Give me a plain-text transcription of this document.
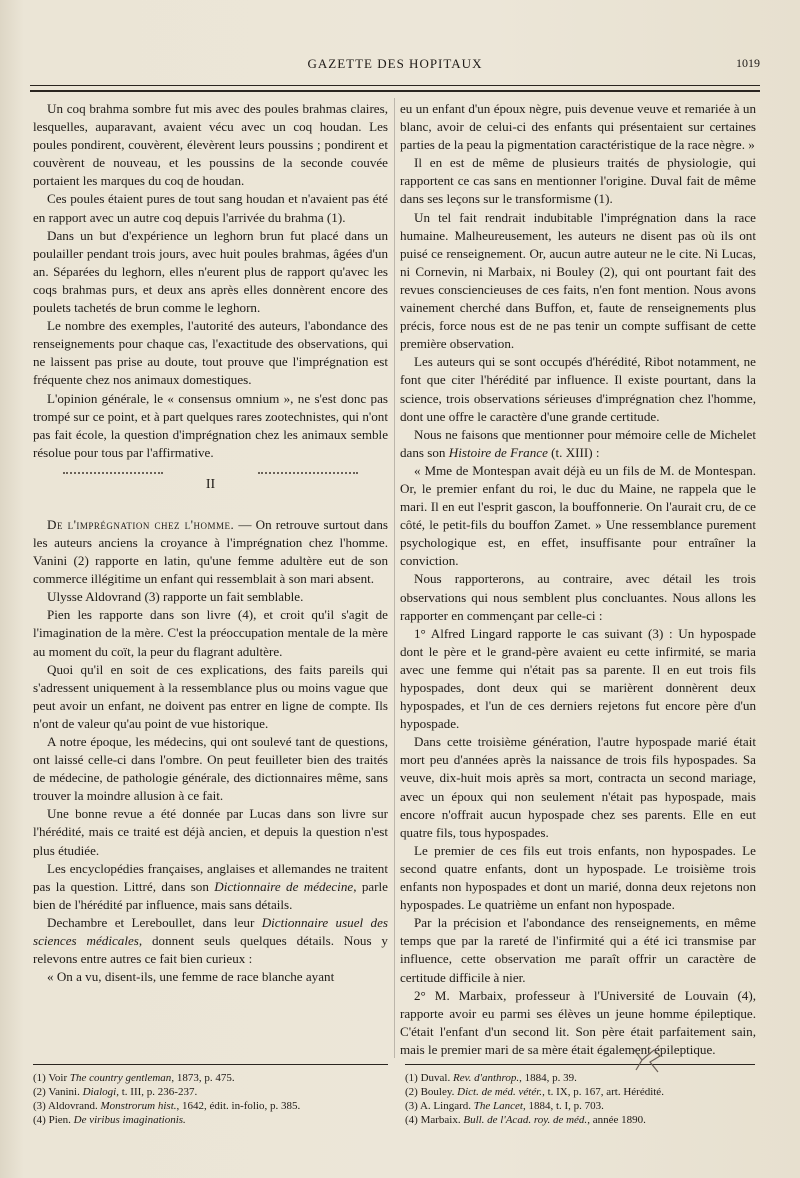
GAZETTE DES HOPITAUX	1019

Un coq brahma sombre fut mis avec des poules brahmas claires, lesquelles, auparavant, avaient vécu avec un coq houdan. Les poules pondirent, couvèrent, élevèrent leurs poussins ; pondirent et couvèrent de nouveau, et les poussins de la seconde couvée portaient les marques du coq de houdan.

Ces poules étaient pures de tout sang houdan et n'avaient pas été en rapport avec un autre coq depuis l'arrivée du brahma (1).

Dans un but d'expérience un leghorn brun fut placé dans un poulailler pendant trois jours, avec huit poules brahmas, âgées d'un an. Séparées du leghorn, elles n'eurent plus de rapport qu'avec les coqs brahmas purs, et deux ans après elles donnèrent encore des poulets tachetés de brun comme le leghorn.

Le nombre des exemples, l'autorité des auteurs, l'abondance des renseignements pour chaque cas, l'exactitude des observations, qui ne laissent pas prise au doute, tout prouve que l'imprégnation est fréquente chez nos animaux domestiques.

L'opinion générale, le « consensus omnium », ne s'est donc pas trompé sur ce point, et à part quelques rares zootechnistes, qui n'ont pas fait école, la question d'imprégnation chez les animaux semble résolue pour tous par l'affirmative.

II

De l'imprégnation chez l'homme. — On retrouve surtout dans les auteurs anciens la croyance à l'imprégnation chez l'homme. Vanini (2) rapporte en latin, qu'une femme adultère eut de son commerce illégitime un enfant qui ressemblait à son mari absent.

Ulysse Aldovrand (3) rapporte un fait semblable.

Pien les rapporte dans son livre (4), et croit qu'il s'agit de l'imagination de la mère. C'est la préoccupation mentale de la mère au moment du coït, la peur du flagrant adultère.

Quoi qu'il en soit de ces explications, des faits pareils qui s'adressent uniquement à la ressemblance plus ou moins vague que peut avoir un enfant, ne doivent pas entrer en ligne de compte. Ils n'ont de valeur qu'au point de vue historique.

A notre époque, les médecins, qui ont soulevé tant de questions, ont laissé celle-ci dans l'ombre. On peut feuilleter bien des traités de médecine, de pathologie générale, des dictionnaires même, sans trouver la moindre allusion à ce fait.

Une bonne revue a été donnée par Lucas dans son livre sur l'hérédité, mais ce traité est déjà ancien, et depuis la question n'est plus étudiée.

Les encyclopédies françaises, anglaises et allemandes ne traitent pas la question. Littré, dans son Dictionnaire de médecine, parle bien de l'hérédité par influence, mais sans détails.

Dechambre et Lereboullet, dans leur Dictionnaire usuel des sciences médicales, donnent seuls quelques détails. Nous y relevons entre autres ce fait bien curieux :

« On a vu, disent-ils, une femme de race blanche ayant

eu un enfant d'un époux nègre, puis devenue veuve et remariée à un blanc, avoir de celui-ci des enfants qui présentaient sur certaines parties de la peau la pigmentation caractéristique de la race nègre. »

Il en est de même de plusieurs traités de physiologie, qui rapportent ce cas sans en mentionner l'origine. Duval fait de même dans ses leçons sur le transformisme (1).

Un tel fait rendrait indubitable l'imprégnation dans la race humaine. Malheureusement, les auteurs ne disent pas où ils ont puisé ce renseignement. Or, aucun autre auteur ne le cite. Ni Lucas, ni Cornevin, ni Marbaix, ni Bouley (2), qui ont pourtant fait des revues consciencieuses de ces faits, n'en font mention. Nous avons vainement cherché dans Buffon, et, faute de renseignements plus précis, force nous est de ne pas tenir un compte suffisant de cette première observation.

Les auteurs qui se sont occupés d'hérédité, Ribot notamment, ne font que citer l'hérédité par influence. Il existe pourtant, dans la science, trois observations sérieuses d'imprégnation chez l'homme, dont une offre le caractère d'une grande certitude.

Nous ne faisons que mentionner pour mémoire celle de Michelet dans son Histoire de France (t. XIII) :

« Mme de Montespan avait déjà eu un fils de M. de Montespan. Or, le premier enfant du roi, le duc du Maine, ne rappela que le mari. Il en eut l'esprit gascon, la bouffonnerie. On l'aurait cru, de ce côté, le petit-fils du bouffon Zamet. » Une ressemblance purement psychologique est, en effet, insuffisante pour entraîner la conviction.

Nous rapporterons, au contraire, avec détail les trois observations qui nous semblent plus concluantes. Nous allons les rapporter en commençant par celle-ci :

1° Alfred Lingard rapporte le cas suivant (3) : Un hypospade dont le père et le grand-père avaient eu cette infirmité, se maria avec une femme qui n'était pas sa parente. Il en eut trois fils hypospades, dont deux qui se marièrent donnèrent deux hypospades, et l'un de ces derniers rejetons fut encore père d'un hypospade.

Dans cette troisième génération, l'autre hypospade marié était mort peu d'années après la naissance de trois fils hypospades. Sa veuve, dix-huit mois après sa mort, contracta un second mariage, avec un époux qui non seulement n'était pas hypospade, mais encore n'offrait aucun hypospade chez ses parents. Elle en eut quatre fils, tous hypospades.

Le premier de ces fils eut trois enfants, non hypospades. Le second quatre enfants, dont un hypospade. Le troisième trois enfants non hypospades et dont un marié, donna deux rejetons non hypospades. Le quatrième un enfant non hypospade.

Par la précision et l'abondance des renseignements, en même temps que par la rareté de l'infirmité qui a été ici transmise par influence, cette observation me paraît offrir un caractère de certitude difficile à nier.

2° M. Marbaix, professeur à l'Université de Louvain (4), rapporte avoir eu parmi ses élèves un jeune homme épileptique. C'était l'enfant d'un second lit. Son père était parfaitement sain, mais le premier mari de sa mère était également épileptique.

(1) Voir The country gentleman, 1873, p. 475.

(2) Vanini. Dialogi, t. III, p. 236-237.

(3) Aldovrand. Monstrorum hist., 1642, édit. in-folio, p. 385.

(4) Pien. De viribus imaginationis.

(1) Duval. Rev. d'anthrop., 1884, p. 39.

(2) Bouley. Dict. de méd. vétér., t. IX, p. 167, art. Hérédité.

(3) A. Lingard. The Lancet, 1884, t. I, p. 703.

(4) Marbaix. Bull. de l'Acad. roy. de méd., année 1890.
